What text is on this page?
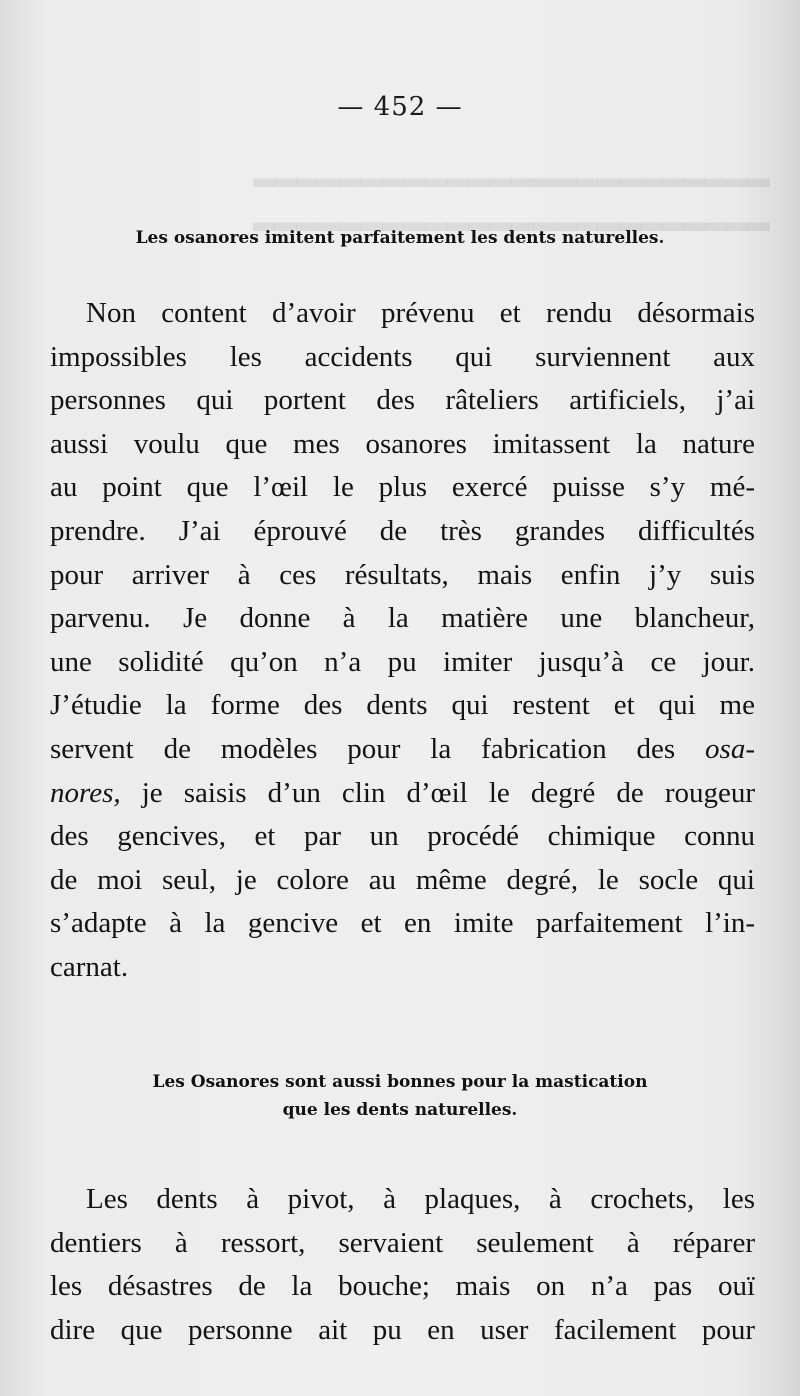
▂▂▂▂▂▂▂▂▂▂▂▂▂▂▂▂▂▂▂▂▂▂▂▂
▂▂▂▂▂▂▂▂▂▂▂▂▂▂▂▂▂▂▂▂▂▂▂▂
— 452 —
Les osanores imitent parfaitement les dents naturelles.
Non content d’avoir prévenu et rendu désormais
impossibles les accidents qui surviennent aux
personnes qui portent des râteliers artificiels, j’ai
aussi voulu que mes osanores imitassent la nature
au point que l’œil le plus exercé puisse s’y mé-
prendre. J’ai éprouvé de très grandes difficultés
pour arriver à ces résultats, mais enfin j’y suis
parvenu. Je donne à la matière une blancheur,
une solidité qu’on n’a pu imiter jusqu’à ce jour.
J’étudie la forme des dents qui restent et qui me
servent de modèles pour la fabrication des osa-
nores, je saisis d’un clin d’œil le degré de rougeur
des gencives, et par un procédé chimique connu
de moi seul, je colore au même degré, le socle qui
s’adapte à la gencive et en imite parfaitement l’in-
carnat.
Les Osanores sont aussi bonnes pour la mastication
que les dents naturelles.
Les dents à pivot, à plaques, à crochets, les
dentiers à ressort, servaient seulement à réparer
les désastres de la bouche; mais on n’a pas ouï
dire que personne ait pu en user facilement pour
